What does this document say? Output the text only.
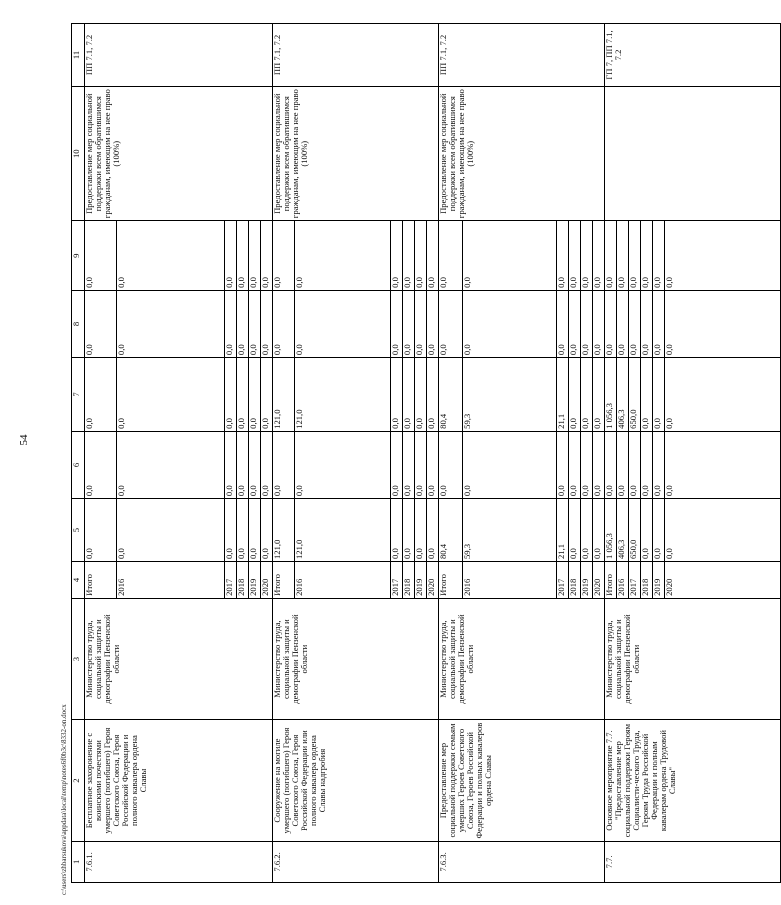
54
c:\users\zhbarsukova\appdata\local\temp\notes6f0b3c\8332-on.docx 1	2	3	4	5	6	7	8	9	10	11
7.6.1.	Бесплатное захоронение с воинскими почестями умершего (погибшего) Героя Советского Союза, Героя Российской Федерации и полного кавалера ордена Славы	Министерство труда, социальной защиты и демографии Пензенской области	Итого	0,0	0,0	0,0	0,0	0,0	Предоставление мер социальной поддержки всем обратившимся гражданам, имеющим на нее право (100%)	ПП 7.1, 7.2
			2016	0,0	0,0	0,0	0,0	0,0		
			2017	0,0	0,0	0,0	0,0	0,0		
			2018	0,0	0,0	0,0	0,0	0,0		
			2019	0,0	0,0	0,0	0,0	0,0		
			2020	0,0	0,0	0,0	0,0	0,0		
7.6.2.	Сооружение на могиле умершего (погибшего) Героя Советского Союза, Героя Российской Федерации или полного кавалера ордена Славы надгробия	Министерство труда, социальной защиты и демографии Пензенской области	Итого	121,0	0,0	121,0	0,0	0,0	Предоставление мер социальной поддержки всем обратившимся гражданам, имеющим на нее право (100%)	ПП 7.1, 7.2
			2016	121,0	0,0	121,0	0,0	0,0		
			2017	0,0	0,0	0,0	0,0	0,0		
			2018	0,0	0,0	0,0	0,0	0,0		
			2019	0,0	0,0	0,0	0,0	0,0		
			2020	0,0	0,0	0,0	0,0	0,0		
7.6.3.	Предоставление мер социальной поддержки семьям умерших Героев Советского Союза, Героев Российской Федерации и полных кавалеров ордена Славы	Министерство труда, социальной защиты и демографии Пензенской области	Итого	80,4	0,0	80,4	0,0	0,0	Предоставление мер социальной поддержки всем обратившимся гражданам, имеющим на нее право (100%)	ПП 7.1, 7.2
			2016	59,3	0,0	59,3	0,0	0,0		
			2017	21,1	0,0	21,1	0,0	0,0		
			2018	0,0	0,0	0,0	0,0	0,0		
			2019	0,0	0,0	0,0	0,0	0,0		
			2020	0,0	0,0	0,0	0,0	0,0		
7.7.	Основное мероприятие 7.7. "Предоставление мер социальной поддержки Героям Социалисти-ческого Труда, Героям Труда Российской Федерации и полным кавалерам ордена Трудовой Славы"	Министерство труда, социальной защиты и демографии Пензенской области	Итого	1 056,3	0,0	1 056,3	0,0	0,0		ГП 7, ПП 7.1, 7.2
			2016	406,3	0,0	406,3	0,0	0,0		
			2017	650,0	0,0	650,0	0,0	0,0		
			2018	0,0	0,0	0,0	0,0	0,0		
			2019	0,0	0,0	0,0	0,0	0,0		
			2020	0,0	0,0	0,0	0,0	0,0		
